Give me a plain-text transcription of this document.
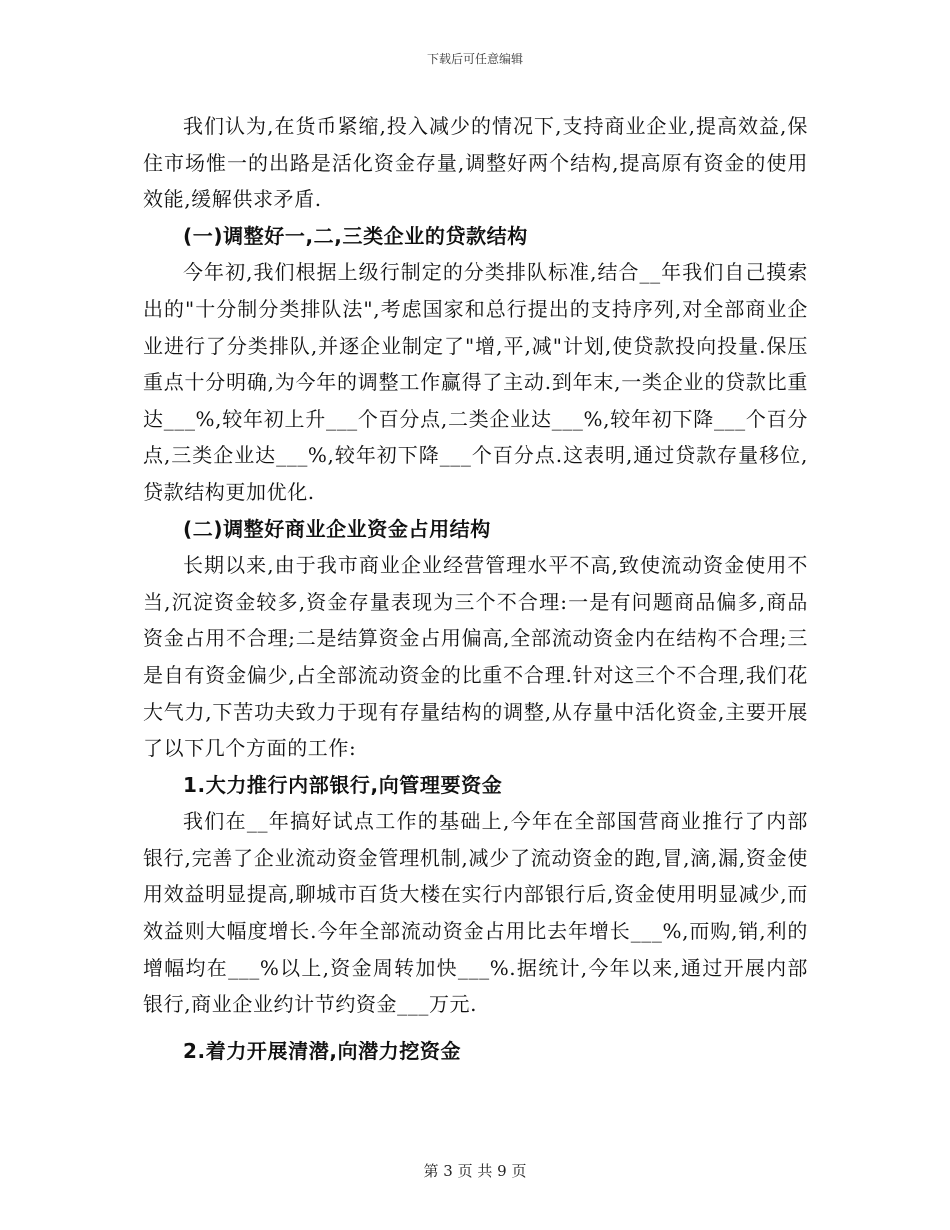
下载后可任意编辑

我们认为,在货币紧缩,投入减少的情况下,支持商业企业,提高效益,保住市场惟一的出路是活化资金存量,调整好两个结构,提高原有资金的使用效能,缓解供求矛盾.

(一)调整好一,二,三类企业的贷款结构

今年初,我们根据上级行制定的分类排队标准,结合__年我们自己摸索出的"十分制分类排队法",考虑国家和总行提出的支持序列,对全部商业企业进行了分类排队,并逐企业制定了"增,平,减"计划,使贷款投向投量.保压重点十分明确,为今年的调整工作赢得了主动.到年末,一类企业的贷款比重达___%,较年初上升___个百分点,二类企业达___%,较年初下降___个百分点,三类企业达___%,较年初下降___个百分点.这表明,通过贷款存量移位,贷款结构更加优化.

(二)调整好商业企业资金占用结构

长期以来,由于我市商业企业经营管理水平不高,致使流动资金使用不当,沉淀资金较多,资金存量表现为三个不合理:一是有问题商品偏多,商品资金占用不合理;二是结算资金占用偏高,全部流动资金内在结构不合理;三是自有资金偏少,占全部流动资金的比重不合理.针对这三个不合理,我们花大气力,下苦功夫致力于现有存量结构的调整,从存量中活化资金,主要开展了以下几个方面的工作:

1.大力推行内部银行,向管理要资金

我们在__年搞好试点工作的基础上,今年在全部国营商业推行了内部银行,完善了企业流动资金管理机制,减少了流动资金的跑,冒,滴,漏,资金使用效益明显提高,聊城市百货大楼在实行内部银行后,资金使用明显减少,而效益则大幅度增长.今年全部流动资金占用比去年增长___%,而购,销,利的增幅均在___%以上,资金周转加快___%.据统计,今年以来,通过开展内部银行,商业企业约计节约资金___万元.

2.着力开展清潜,向潜力挖资金

第 3 页 共 9 页
